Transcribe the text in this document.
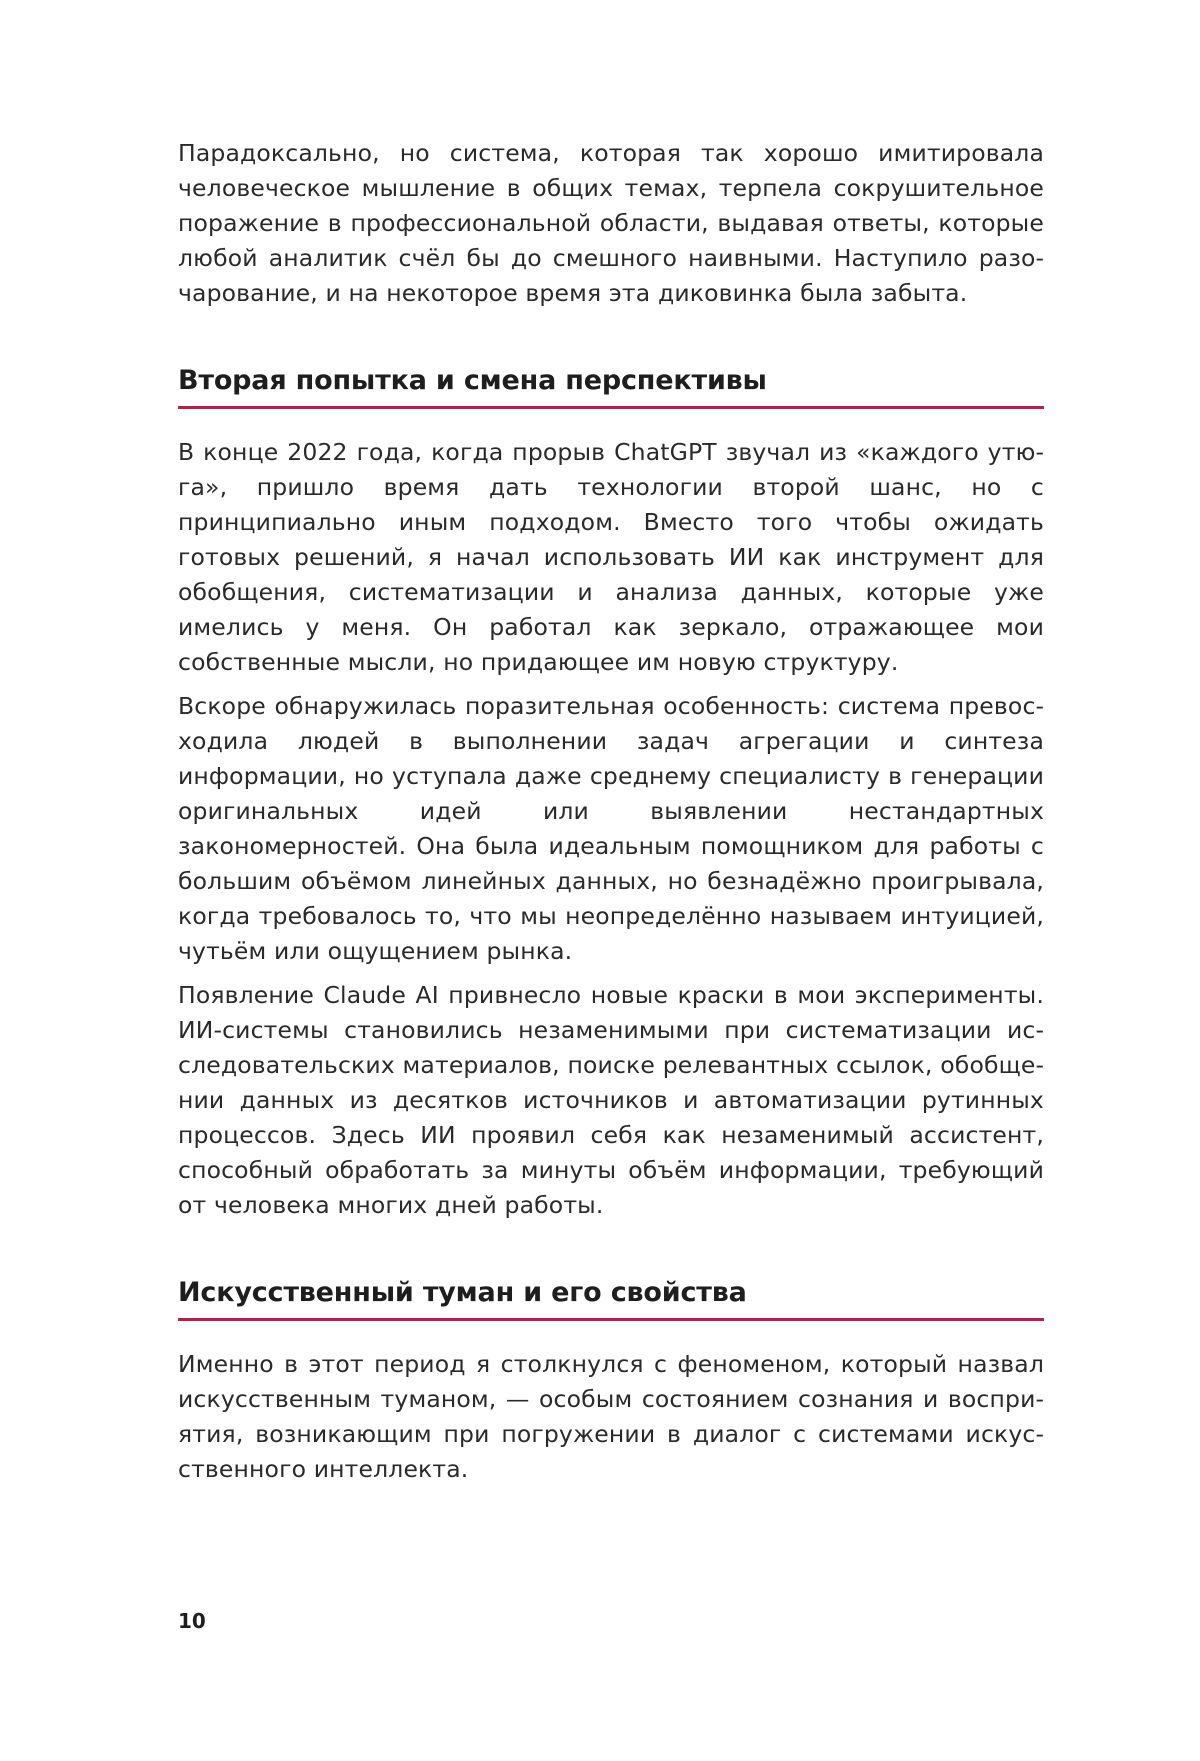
Парадоксально, но система, которая так хорошо имитировала человеческое мышление в общих темах, терпела сокрушительное поражение в профессиональной области, выдавая ответы, которые любой аналитик счёл бы до смешного наивными. Наступило разочарование, и на некоторое время эта диковинка была забыта.

Вторая попытка и смена перспективы

В конце 2022 года, когда прорыв ChatGPT звучал из «каждого утюга», пришло время дать технологии второй шанс, но с принципиально иным подходом. Вместо того чтобы ожидать готовых решений, я начал использовать ИИ как инструмент для обобщения, систематизации и анализа данных, которые уже имелись у меня. Он работал как зеркало, отражающее мои собственные мысли, но придающее им новую структуру.

Вскоре обнаружилась поразительная особенность: система превосходила людей в выполнении задач агрегации и синтеза информации, но уступала даже среднему специалисту в генерации оригинальных идей или выявлении нестандартных закономерностей. Она была идеальным помощником для работы с большим объёмом линейных данных, но безнадёжно проигрывала, когда требовалось то, что мы неопределённо называем интуицией, чутьём или ощущением рынка.

Появление Claude AI привнесло новые краски в мои эксперименты. ИИ-системы становились незаменимыми при систематизации исследовательских материалов, поиске релевантных ссылок, обобщении данных из десятков источников и автоматизации рутинных процессов. Здесь ИИ проявил себя как незаменимый ассистент, способный обработать за минуты объём информации, требующий от человека многих дней работы.

Искусственный туман и его свойства

Именно в этот период я столкнулся с феноменом, который назвал искусственным туманом, — особым состоянием сознания и восприятия, возникающим при погружении в диалог с системами искусственного интеллекта.

10
